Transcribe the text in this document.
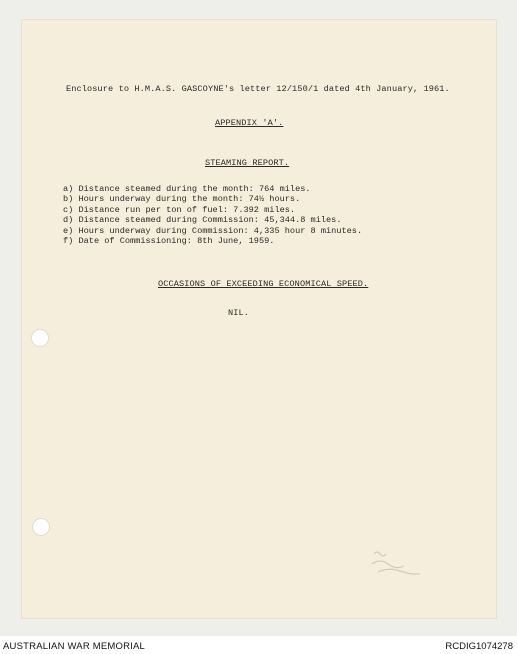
Enclosure to H.M.A.S. GASCOYNE's letter 12/150/1 dated 4th January, 1961.
APPENDIX 'A'.
STEAMING REPORT.
a) Distance steamed during the month: 764 miles.
b) Hours underway during the month: 74½ hours.
c) Distance run per ton of fuel: 7.392 miles.
d) Distance steamed during Commission: 45,344.8 miles.
e) Hours underway during Commission: 4,335 hour 8 minutes.
f) Date of Commissioning: 8th June, 1959.
OCCASIONS OF EXCEEDING ECONOMICAL SPEED.
NIL.
AUSTRALIAN WAR MEMORIAL	RCDIG1074278
